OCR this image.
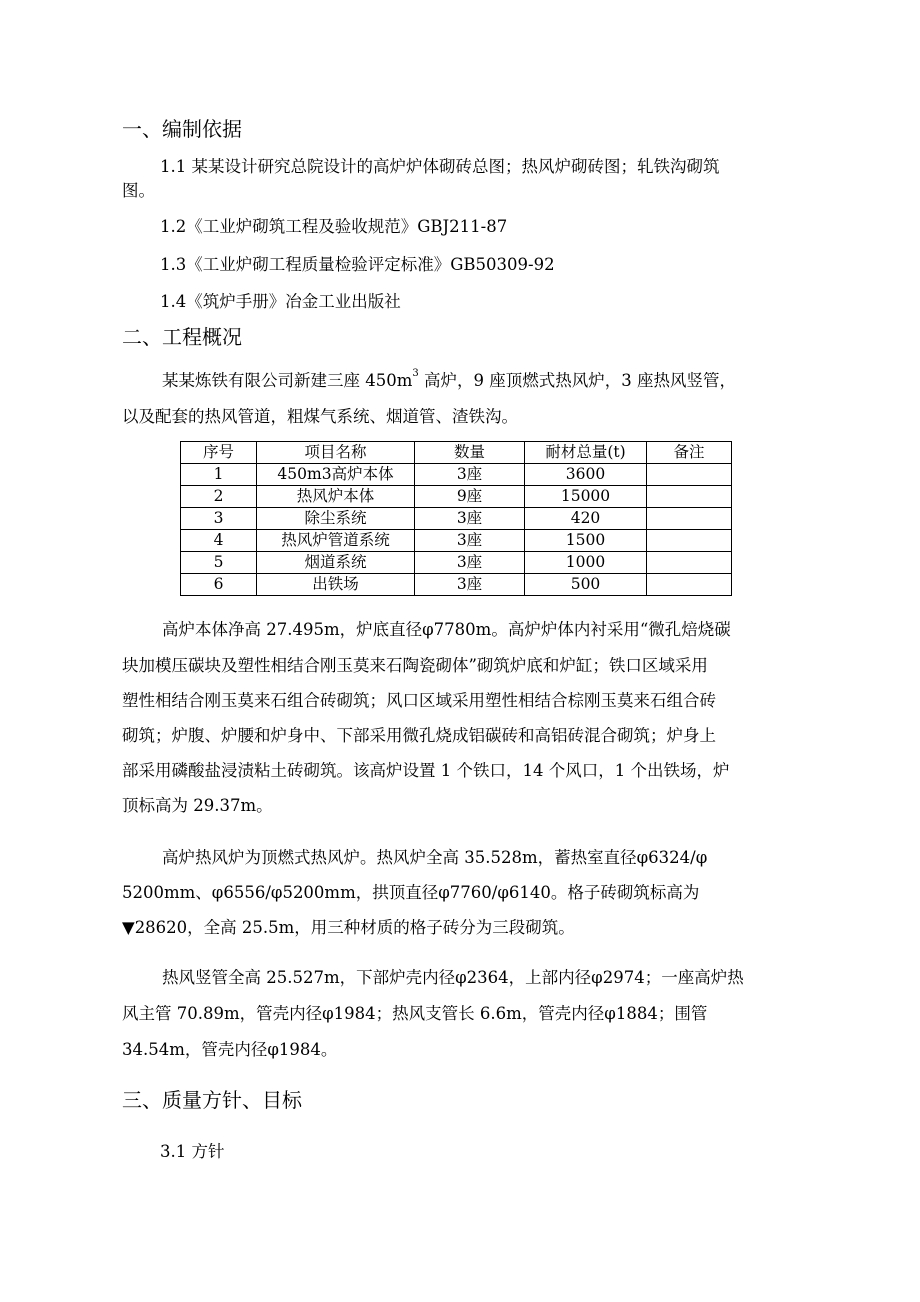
一、编制依据
1.1 某某设计研究总院设计的高炉炉体砌砖总图；热风炉砌砖图；轧铁沟砌筑
图。
1.2《工业炉砌筑工程及验收规范》GBJ211-87
1.3《工业炉砌工程质量检验评定标准》GB50309-92
1.4《筑炉手册》冶金工业出版社
二、工程概况
某某炼铁有限公司新建三座 $450m^3$ 高炉，9 座顶燃式热风炉，3 座热风竖管，
以及配套的热风管道，粗煤气系统、烟道管、渣铁沟。
序号	项目名称	数量	耐材总量(t)	备注
1	450m3高炉本体	3座	3600	
2	热风炉本体	9座	15000	
3	除尘系统	3座	420	
4	热风炉管道系统	3座	1500	
5	烟道系统	3座	1000	
6	出铁场	3座	500	
高炉本体净高 27.495m，炉底直径φ7780m。高炉炉体内衬采用“微孔焙烧碳
块加模压碳块及塑性相结合刚玉莫来石陶瓷砌体”砌筑炉底和炉缸；铁口区域采用
塑性相结合刚玉莫来石组合砖砌筑；风口区域采用塑性相结合棕刚玉莫来石组合砖
砌筑；炉腹、炉腰和炉身中、下部采用微孔烧成铝碳砖和高铝砖混合砌筑；炉身上
部采用磷酸盐浸渍粘土砖砌筑。该高炉设置 1 个铁口，14 个风口，1 个出铁场，炉
顶标高为 29.37m。
高炉热风炉为顶燃式热风炉。热风炉全高 35.528m，蓄热室直径φ6324/φ
5200mm、φ6556/φ5200mm，拱顶直径φ7760/φ6140。格子砖砌筑标高为
▼28620，全高 25.5m，用三种材质的格子砖分为三段砌筑。
热风竖管全高 25.527m，下部炉壳内径φ2364，上部内径φ2974；一座高炉热
风主管 70.89m，管壳内径φ1984；热风支管长 6.6m，管壳内径φ1884；围管
34.54m，管壳内径φ1984。
三、质量方针、目标
3.1 方针
